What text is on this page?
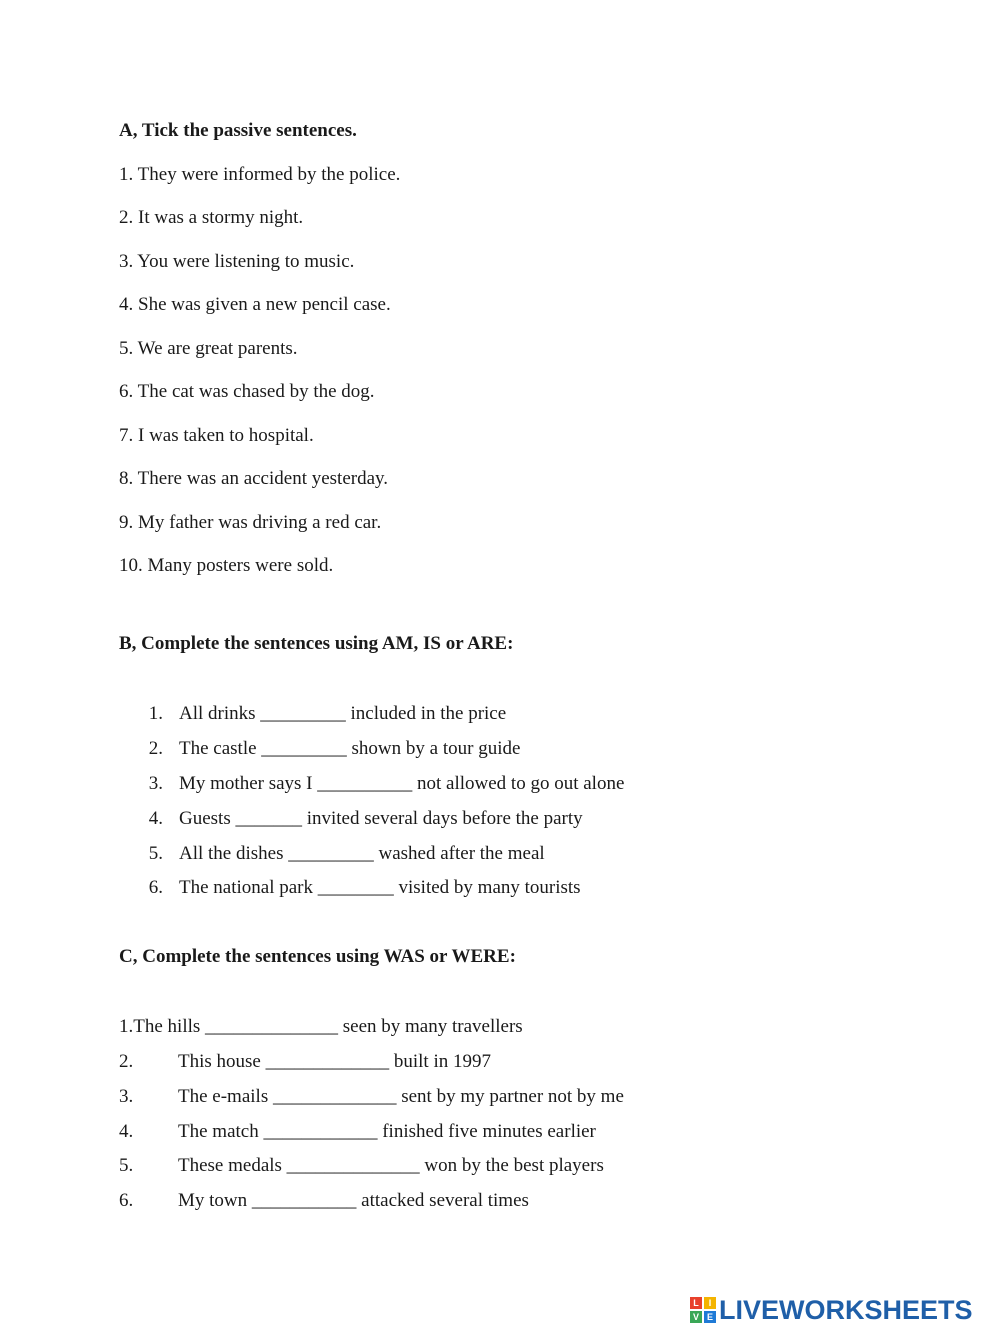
A, Tick the passive sentences.
1. They were informed by the police.
2. It was a stormy night.
3. You were listening to music.
4. She was given a new pencil case.
5. We are great parents.
6. The cat was chased by the dog.
7. I was taken to hospital.
8. There was an accident yesterday.
9. My father was driving a red car.
10. Many posters were sold.
B, Complete the sentences using AM, IS or ARE:
1. All drinks _________ included in the price
2. The castle _________ shown by a tour guide
3. My mother says I __________ not allowed to go out alone
4. Guests _______ invited several days before the party
5. All the dishes _________ washed after the meal
6. The national park ________ visited by many tourists
C, Complete the sentences using WAS or WERE:
1.The hills ______________ seen by many travellers
2.	This house _____________ built in 1997
3.	The e-mails _____________ sent by my partner not by me
4.	The match ____________ finished five minutes earlier
5.	These medals ______________ won by the best players
6.	My town ___________ attacked several times
L	I
V E LIVEWORKSHEETS
